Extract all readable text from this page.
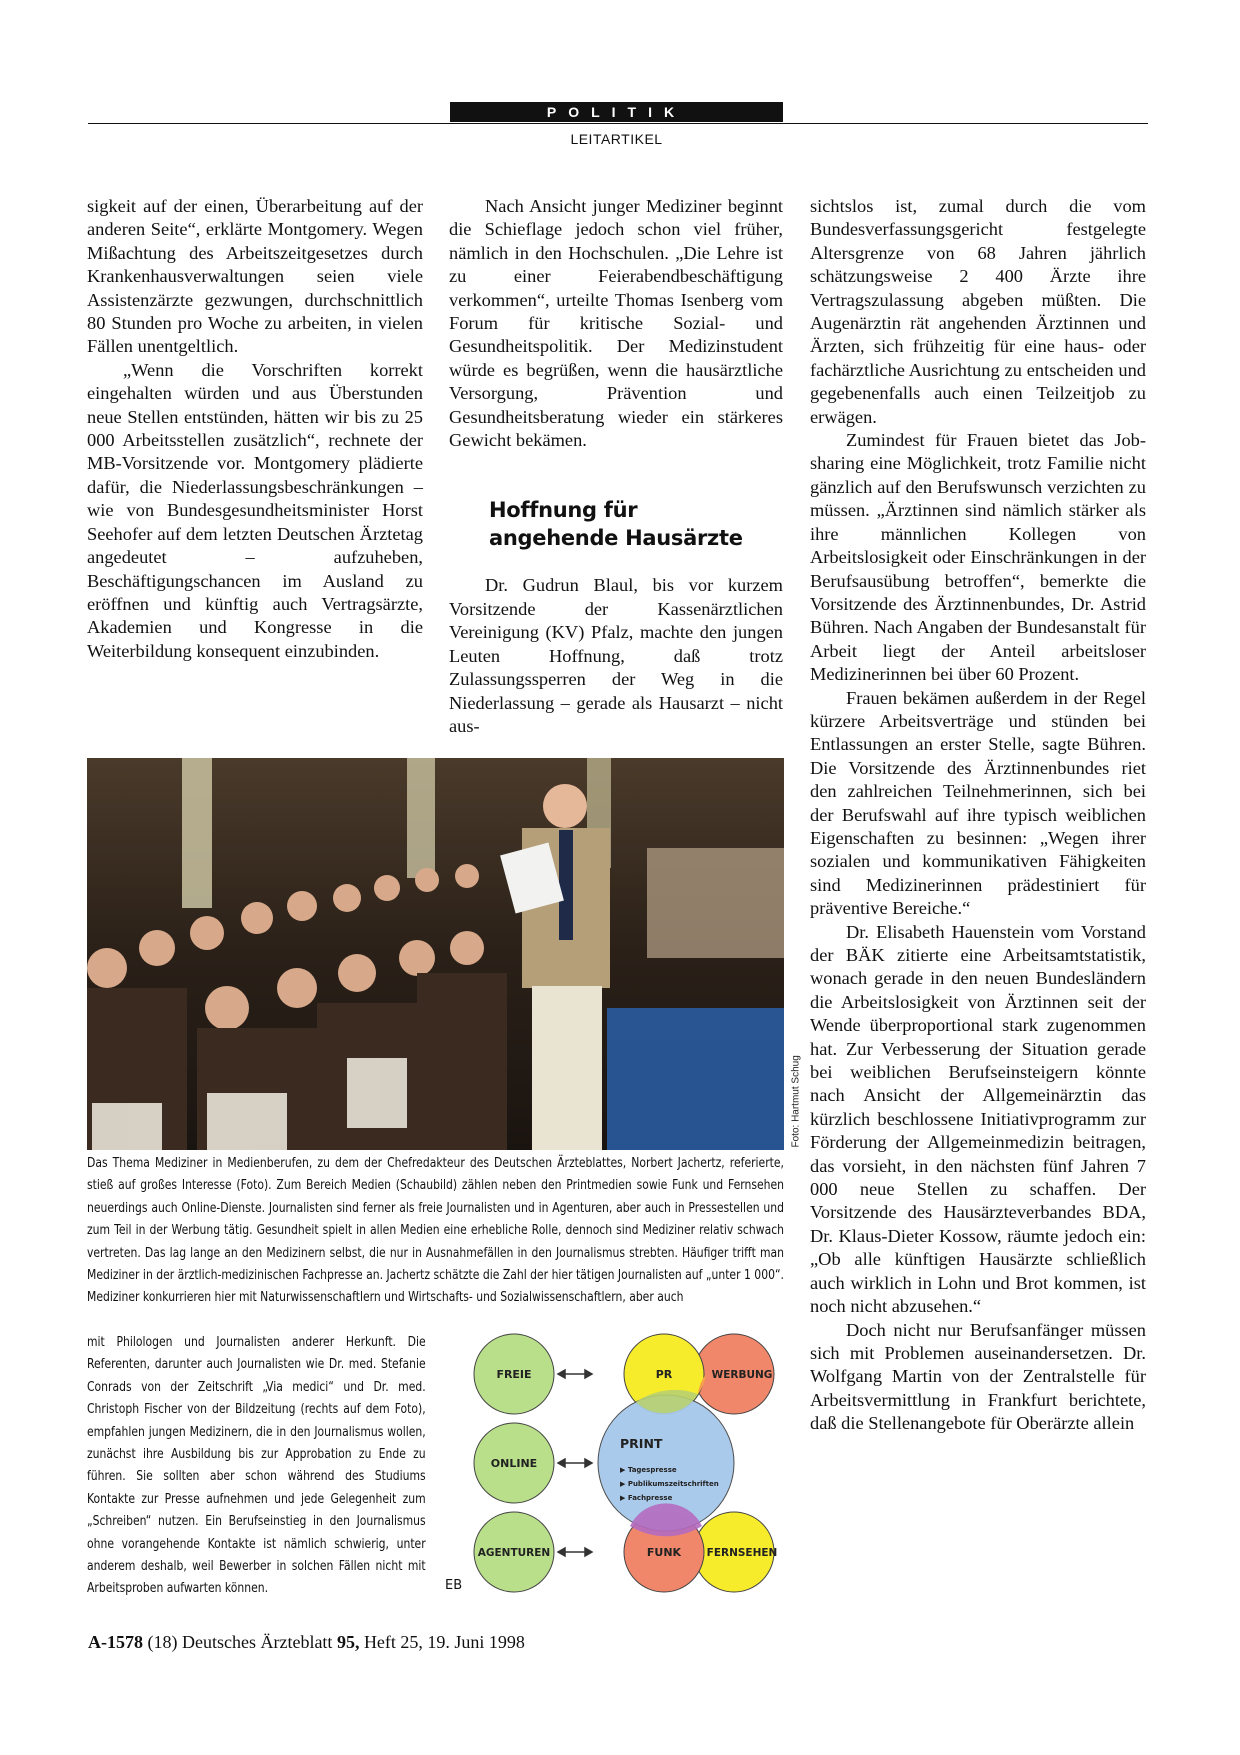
POLITIK
LEITARTIKEL

sigkeit auf der einen, Überarbeitung auf der anderen Seite“, erklärte Montgomery. Wegen Mißachtung des Arbeitszeitgesetzes durch Krankenhausverwaltungen seien viele Assistenzärzte gezwungen, durchschnittlich 80 Stunden pro Woche zu arbeiten, in vielen Fällen unentgeltlich.

„Wenn die Vorschriften korrekt eingehalten würden und aus Überstunden neue Stellen entstünden, hätten wir bis zu 25 000 Arbeitsstellen zusätzlich“, rechnete der MB-Vorsitzende vor. Montgomery plädierte dafür, die Niederlassungsbeschränkungen – wie von Bundesgesundheitsminister Horst Seehofer auf dem letzten Deutschen Ärztetag angedeutet – aufzuheben, Beschäftigungschancen im Ausland zu eröffnen und künftig auch Vertragsärzte, Akademien und Kongresse in die Weiterbildung konsequent einzubinden.

Nach Ansicht junger Mediziner beginnt die Schieflage jedoch schon viel früher, nämlich in den Hochschulen. „Die Lehre ist zu einer Feierabendbeschäftigung verkommen“, urteilte Thomas Isenberg vom Forum für kritische Sozial- und Gesundheitspolitik. Der Medizinstudent würde es begrüßen, wenn die hausärztliche Versorgung, Prävention und Gesundheitsberatung wieder ein stärkeres Gewicht bekämen.

Hoffnung für
angehende Hausärzte

Dr. Gudrun Blaul, bis vor kurzem Vorsitzende der Kassenärztlichen Vereinigung (KV) Pfalz, machte den jungen Leuten Hoffnung, daß trotz Zulassungssperren der Weg in die Niederlassung – gerade als Hausarzt – nicht aus-

sichtslos ist, zumal durch die vom Bundesverfassungsgericht festgelegte Altersgrenze von 68 Jahren jährlich schätzungsweise 2 400 Ärzte ihre Vertragszulassung abgeben müßten. Die Augenärztin rät angehenden Ärztinnen und Ärzten, sich frühzeitig für eine haus- oder fachärztliche Ausrichtung zu entscheiden und gegebenenfalls auch einen Teilzeitjob zu erwägen.

Zumindest für Frauen bietet das Job-sharing eine Möglichkeit, trotz Familie nicht gänzlich auf den Berufswunsch verzichten zu müssen. „Ärztinnen sind nämlich stärker als ihre männlichen Kollegen von Arbeitslosigkeit oder Einschränkungen in der Berufsausübung betroffen“, bemerkte die Vorsitzende des Ärztinnenbundes, Dr. Astrid Bühren. Nach Angaben der Bundesanstalt für Arbeit liegt der Anteil arbeitsloser Medizinerinnen bei über 60 Prozent.

Frauen bekämen außerdem in der Regel kürzere Arbeitsverträge und stünden bei Entlassungen an erster Stelle, sagte Bühren. Die Vorsitzende des Ärztinnenbundes riet den zahlreichen Teilnehmerinnen, sich bei der Berufswahl auf ihre typisch weiblichen Eigenschaften zu besinnen: „Wegen ihrer sozialen und kommunikativen Fähigkeiten sind Medizinerinnen prädestiniert für präventive Bereiche.“

Dr. Elisabeth Hauenstein vom Vorstand der BÄK zitierte eine Arbeitsamtstatistik, wonach gerade in den neuen Bundesländern die Arbeitslosigkeit von Ärztinnen seit der Wende überproportional stark zugenommen hat. Zur Verbesserung der Situation gerade bei weiblichen Berufseinsteigern könnte nach Ansicht der Allgemeinärztin das kürzlich beschlossene Initiativprogramm zur Förderung der Allgemeinmedizin beitragen, das vorsieht, in den nächsten fünf Jahren 7 000 neue Stellen zu schaffen. Der Vorsitzende des Hausärzteverbandes BDA, Dr. Klaus-Dieter Kossow, räumte jedoch ein: „Ob alle künftigen Hausärzte schließlich auch wirklich in Lohn und Brot kommen, ist noch nicht abzusehen.“

Doch nicht nur Berufsanfänger müssen sich mit Problemen auseinandersetzen. Dr. Wolfgang Martin von der Zentralstelle für Arbeitsvermittlung in Frankfurt berichtete, daß die Stellenangebote für Oberärzte allein

Foto: Hartmut Schug
Das Thema Mediziner in Medienberufen, zu dem der Chefredakteur des Deutschen Ärzteblattes, Norbert Jachertz, referierte, stieß auf großes Interesse (Foto). Zum Bereich Medien (Schaubild) zählen neben den Printmedien sowie Funk und Fernsehen neuerdings auch Online-Dienste. Journalisten sind ferner als freie Journalisten und in Agenturen, aber auch in Pressestellen und zum Teil in der Werbung tätig. Gesundheit spielt in allen Medien eine erhebliche Rolle, dennoch sind Mediziner relativ schwach vertreten. Das lag lange an den Medizinern selbst, die nur in Ausnahmefällen in den Journalismus strebten. Häufiger trifft man Mediziner in der ärztlich-medizinischen Fachpresse an. Jachertz schätzte die Zahl der hier tätigen Journalisten auf „unter 1 000“. Mediziner konkurrieren hier mit Naturwissenschaftlern und Wirtschafts- und Sozialwissenschaftlern, aber auch
mit Philologen und Journalisten anderer Herkunft. Die Referenten, darunter auch Journalisten wie Dr. med. Stefanie Conrads von der Zeitschrift „Via medici“ und Dr. med. Christoph Fischer von der Bildzeitung (rechts auf dem Foto), empfahlen jungen Medizinern, die in den Journalismus wollen, zunächst ihre Ausbildung bis zur Approbation zu Ende zu führen. Sie sollten aber schon während des Studiums Kontakte zur Presse aufnehmen und jede Gelegenheit zum „Schreiben“ nutzen. Ein Berufseinstieg in den Journalismus ohne vorangehende Kontakte ist nämlich schwierig, unter anderem deshalb, weil Bewerber in solchen Fällen nicht mit Arbeitsproben aufwarten können.	EB
FREIE
ONLINE
AGENTUREN
PR	WERBUNG
PRINT
▶ Tagespresse
▶ Publikumszeitschriften
▶ Fachpresse
FUNK FERNSEHEN
A-1578 (18) Deutsches Ärzteblatt 95, Heft 25, 19. Juni 1998
